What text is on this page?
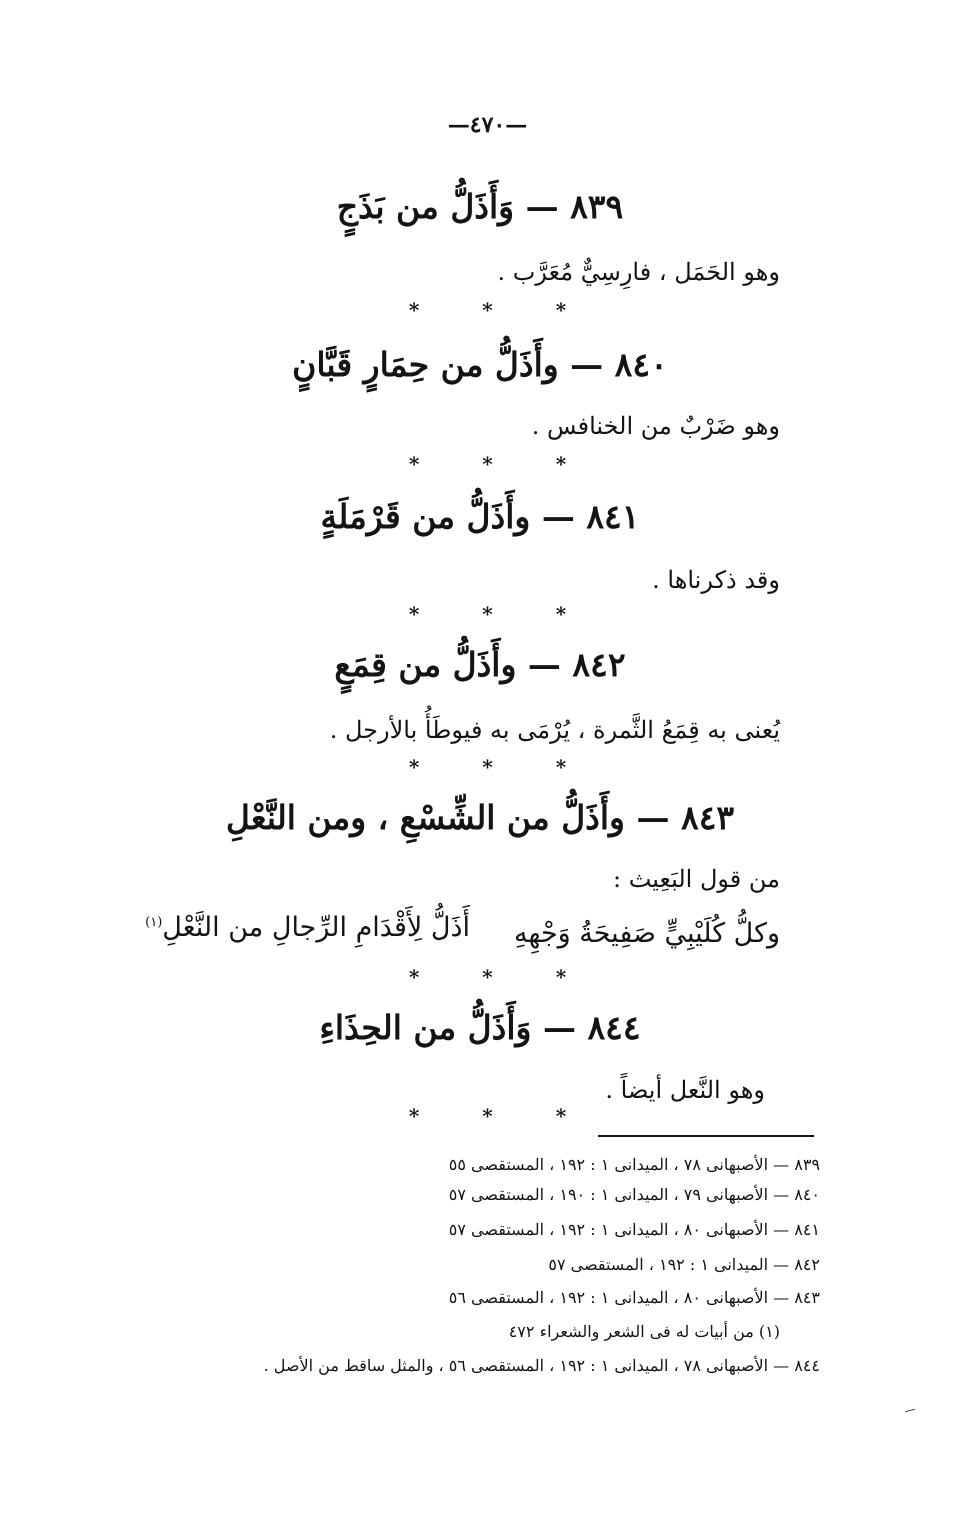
—٤٧٠—
٨٣٩ — وَأَذَلُّ من بَذَجٍ
وهو الحَمَل ، فارِسِيٌّ مُعَرَّب .
* * *
٨٤٠ — وأَذَلُّ من حِمَارٍ قَبَّانٍ
وهو ضَرْبٌ من الخنافس .
* * *
٨٤١ — وأَذَلُّ من قَرْمَلَةٍ
وقد ذكرناها .
* * *
٨٤٢ — وأَذَلُّ من قِمَعٍ
يُعنى به قِمَعُ الثَّمرة ، يُرْمَى به فيوطَأُ بالأرجل .
* * *
٨٤٣ — وأَذَلُّ من الشِّسْعِ ، ومن النَّعْلِ
من قول البَعِيث :
وكلُّ كُلَيْبِيٍّ صَفِيحَةُ وَجْهِهِ
أَذَلُّ لِأَقْدَامِ الرِّجالِ من النَّعْلِ$^{(١)}$
* * *
٨٤٤ — وَأَذَلُّ من الحِذَاءِ
وهو النَّعل أيضاً .
* * *
٨٣٩ — الأصبهانى ٧٨ ، الميدانى ١ : ١٩٢ ، المستقصى ٥٥
٨٤٠ — الأصبهانى ٧٩ ، الميدانى ١ : ١٩٠ ، المستقصى ٥٧
٨٤١ — الأصبهانى ٨٠ ، الميدانى ١ : ١٩٢ ، المستقصى ٥٧
٨٤٢ — الميدانى ١ : ١٩٢ ، المستقصى ٥٧
٨٤٣ — الأصبهانى ٨٠ ، الميدانى ١ : ١٩٢ ، المستقصى ٥٦
(١) من أبيات له فى الشعر والشعراء ٤٧٢
٨٤٤ — الأصبهانى ٧٨ ، الميدانى ١ : ١٩٢ ، المستقصى ٥٦ ، والمثل ساقط من الأصل .
